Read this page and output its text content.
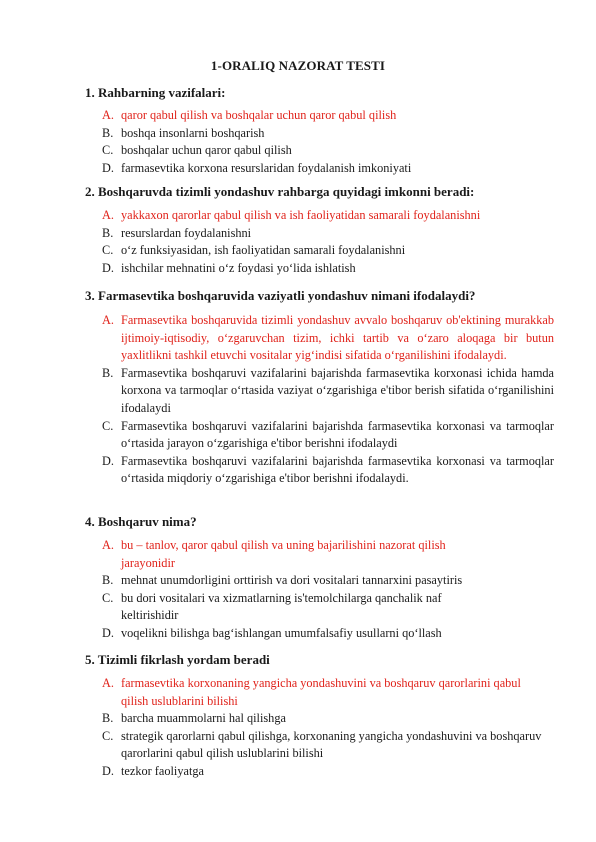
1-ORALIQ NAZORAT TESTI
1. Rahbarning vazifalari:
A. qaror qabul qilish va boshqalar uchun qaror qabul qilish
B. boshqa insonlarni boshqarish
C. boshqalar uchun qaror qabul qilish
D. farmasevtika korxona resurslaridan foydalanish imkoniyati
2. Boshqaruvda tizimli yondashuv rahbarga quyidagi imkonni beradi:
A. yakkaxon qarorlar qabul qilish va ish faoliyatidan samarali foydalanishni
B. resurslardan foydalanishni
C. o‘z funksiyasidan, ish faoliyatidan samarali foydalanishni
D. ishchilar mehnatini o‘z foydasi yo‘lida ishlatish
3. Farmasevtika boshqaruvida vaziyatli yondashuv nimani ifodalaydi?
A. Farmasevtika boshqaruvida tizimli yondashuv avvalo boshqaruv ob'ektining murakkab ijtimoiy-iqtisodiy, o‘zgaruvchan tizim, ichki tartib va o‘zaro aloqaga bir butun yaxlitlikni tashkil etuvchi vositalar yig‘indisi sifatida o‘rganilishini ifodalaydi.
B. Farmasevtika boshqaruvi vazifalarini bajarishda farmasevtika korxonasi ichida hamda korxona va tarmoqlar o‘rtasida vaziyat o‘zgarishiga e'tibor berish sifatida o‘rganilishini ifodalaydi
C. Farmasevtika boshqaruvi vazifalarini bajarishda farmasevtika korxonasi va tarmoqlar o‘rtasida jarayon o‘zgarishiga e'tibor berishni ifodalaydi
D. Farmasevtika boshqaruvi vazifalarini bajarishda farmasevtika korxonasi va tarmoqlar o‘rtasida miqdoriy o‘zgarishiga e'tibor berishni ifodalaydi.
4. Boshqaruv nima?
A. bu – tanlov, qaror qabul qilish va uning bajarilishini nazorat qilish jarayonidir
B. mehnat unumdorligini orttirish va dori vositalari tannarxini pasaytiris
C. bu dori vositalari va xizmatlarning is'temolchilarga qanchalik naf keltirishidir
D. voqelikni bilishga bag‘ishlangan umumfalsafiy usullarni qo‘llash
5. Tizimli fikrlash yordam beradi
A. farmasevtika korxonaning yangicha yondashuvini va boshqaruv qarorlarini qabul qilish uslublarini bilishi
B. barcha muammolarni hal qilishga
C. strategik qarorlarni qabul qilishga, korxonaning yangicha yondashuvini va boshqaruv qarorlarini qabul qilish uslublarini bilishi
D. tezkor faoliyatga
